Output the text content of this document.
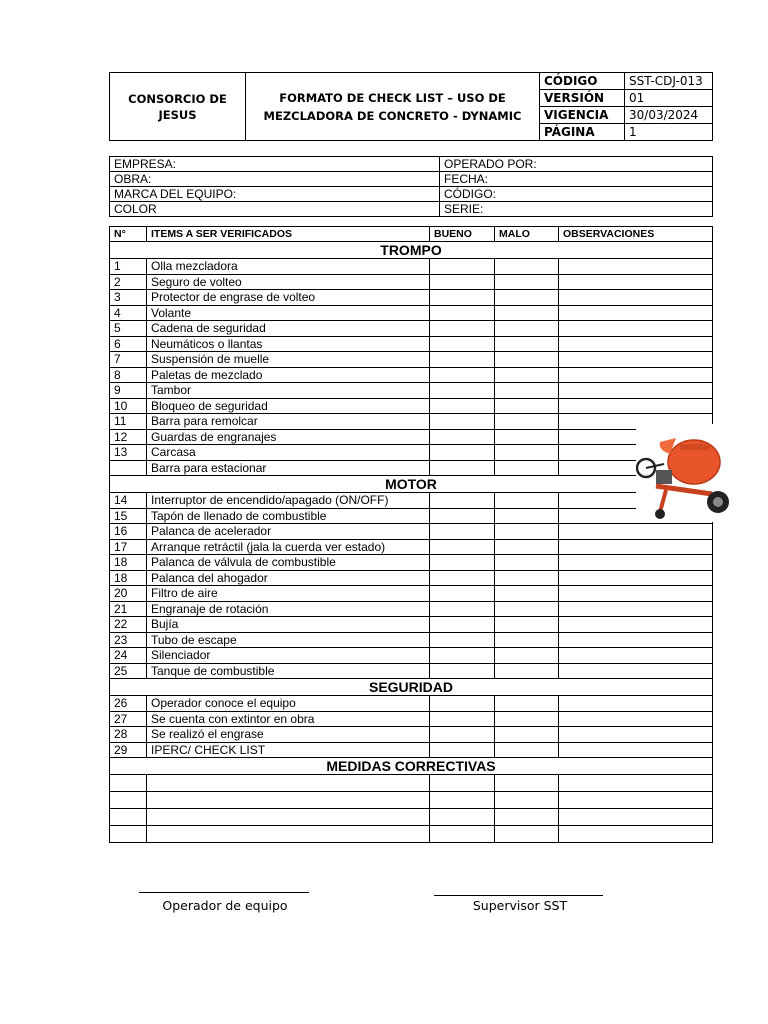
CONSORCIO DE JESUS	FORMATO DE CHECK LIST – USO DE MEZCLADORA DE CONCRETO - DYNAMIC	CÓDIGO	SST-CDJ-013
		VERSIÓN	01
		VIGENCIA	30/03/2024
		PÁGINA	1
EMPRESA:	OPERADO POR:
OBRA:	FECHA:
MARCA DEL EQUIPO:	CÓDIGO:
COLOR	SERIE:
N°	ITEMS A SER VERIFICADOS	BUENO	MALO	OBSERVACIONES
TROMPO				
1	Olla mezcladora			
2	Seguro de volteo			
3	Protector de engrase de volteo			
4	Volante			
5	Cadena de seguridad			
6	Neumáticos o llantas			
7	Suspensión de muelle			
8	Paletas de mezclado			
9	Tambor			
10	Bloqueo de seguridad			
11	Barra para remolcar			
12	Guardas de engranajes			
13	Carcasa			
	Barra para estacionar			
MOTOR				
14	Interruptor de encendido/apagado (ON/OFF)			
15	Tapón de llenado de combustible			
16	Palanca de acelerador			
17	Arranque retráctil (jala la cuerda ver estado)			
18	Palanca de válvula de combustible			
18	Palanca del ahogador			
20	Filtro de aire			
21	Engranaje de rotación			
22	Bujía			
23	Tubo de escape			
24	Silenciador			
25	Tanque de combustible			
SEGURIDAD				
26	Operador conoce el equipo			
27	Se cuenta con extintor en obra			
28	Se realizó el engrase			
29	IPERC/ CHECK LIST			
MEDIDAS CORRECTIVAS				

Operador de equipo	Supervisor SST
